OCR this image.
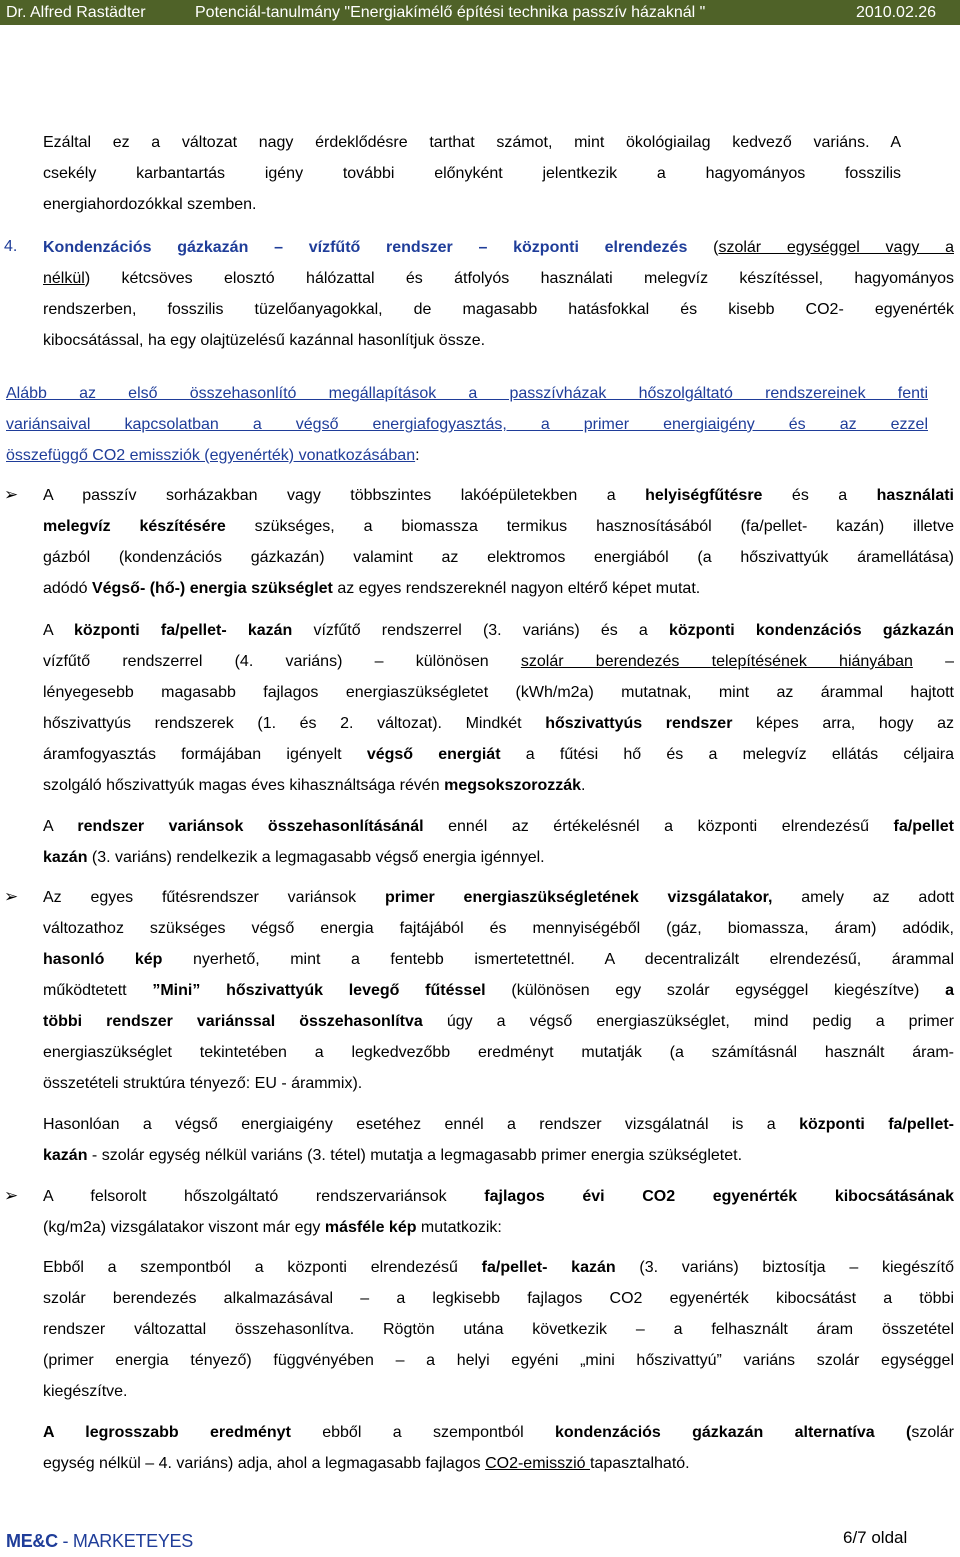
Dr. Alfred Rastädter	Potenciál-tanulmány "Energiakímélő építési technika passzív házaknál "	2010.02.26
Ezáltal ez a változat nagy érdeklődésre tarthat számot, mint ökológiailag kedvező variáns. A
csekély karbantartás igény további előnyként jelentkezik a hagyományos fosszilis
energiahordozókkal szemben.
4. Kondenzációs gázkazán – vízfűtő rendszer – központi elrendezés (szolár egységgel vagy a
nélkül) kétcsöves elosztó hálózattal és átfolyós használati melegvíz készítéssel, hagyományos
rendszerben, fosszilis tüzelőanyagokkal, de magasabb hatásfokkal és kisebb CO2- egyenérték
kibocsátással, ha egy olajtüzelésű kazánnal hasonlítjuk össze.
Alább az első összehasonlító megállapítások a passzívházak hőszolgáltató rendszereinek fenti
variánsaival kapcsolatban a végső energiafogyasztás, a primer energiaigény és az ezzel
összefüggő CO2 emissziók (egyenérték) vonatkozásában:
➢ A passzív sorházakban vagy többszintes lakóépületekben a helyiségfűtésre és a használati
melegvíz készítésére szükséges, a biomassza termikus hasznosításából (fa/pellet- kazán) illetve
gázból (kondenzációs gázkazán) valamint az elektromos energiából (a hőszivattyúk áramellátása)
adódó Végső- (hő-) energia szükséglet az egyes rendszereknél nagyon eltérő képet mutat.
A központi fa/pellet- kazán vízfűtő rendszerrel (3. variáns) és a központi kondenzációs gázkazán
vízfűtő rendszerrel (4. variáns) – különösen szolár berendezés telepítésének hiányában –
lényegesebb magasabb fajlagos energiaszükségletet (kWh/m2a) mutatnak, mint az árammal hajtott
hőszivattyús rendszerek (1. és 2. változat). Mindkét hőszivattyús rendszer képes arra, hogy az
áramfogyasztás formájában igényelt végső energiát a fűtési hő és a melegvíz ellátás céljaira
szolgáló hőszivattyúk magas éves kihasználtsága révén megsokszorozzák.
A rendszer variánsok összehasonlításánál ennél az értékelésnél a központi elrendezésű fa/pellet
kazán (3. variáns) rendelkezik a legmagasabb végső energia igénnyel.
➢ Az egyes fűtésrendszer variánsok primer energiaszükségletének vizsgálatakor, amely az adott
változathoz szükséges végső energia fajtájából és mennyiségéből (gáz, biomassza, áram) adódik,
hasonló kép nyerhető, mint a fentebb ismertetettnél. A decentralizált elrendezésű, árammal
működtetett ”Mini” hőszivattyúk levegő fűtéssel (különösen egy szolár egységgel kiegészítve) a
többi rendszer variánssal összehasonlítva úgy a végső energiaszükséglet, mind pedig a primer
energiaszükséglet tekintetében a legkedvezőbb eredményt mutatják (a számításnál használt áram-
összetételi struktúra tényező: EU - árammix).
Hasonlóan a végső energiaigény esetéhez ennél a rendszer vizsgálatnál is a központi fa/pellet-
kazán - szolár egység nélkül variáns (3. tétel) mutatja a legmagasabb primer energia szükségletet.
➢ A felsorolt hőszolgáltató rendszervariánsok fajlagos évi CO2 egyenérték kibocsátásának
(kg/m2a) vizsgálatakor viszont már egy másféle kép mutatkozik:
Ebből a szempontból a központi elrendezésű fa/pellet- kazán (3. variáns) biztosítja – kiegészítő
szolár berendezés alkalmazásával – a legkisebb fajlagos CO2 egyenérték kibocsátást a többi
rendszer változattal összehasonlítva. Rögtön utána következik – a felhasznált áram összetétel
(primer energia tényező) függvényében – a helyi egyéni „mini hőszivattyú” variáns szolár egységgel
kiegészítve.
A legrosszabb eredményt ebből a szempontból kondenzációs gázkazán alternatíva (szolár
egység nélkül – 4. variáns) adja, ahol a legmagasabb fajlagos CO2-emisszió tapasztalható.
ME&C - MARKETEYES	6/7 oldal
